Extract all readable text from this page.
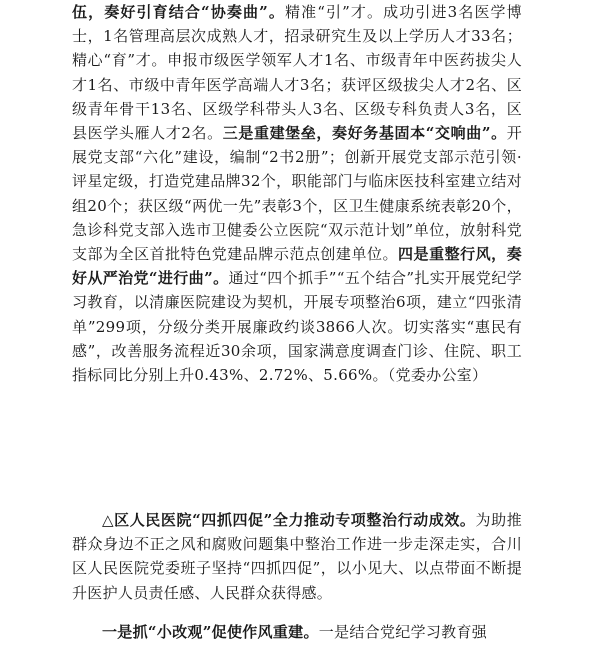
伍，奏好引育结合“协奏曲”。精准“引”才。成功引进3名医学博士，1名管理高层次成熟人才，招录研究生及以上学历人才33名；精心“育”才。申报市级医学领军人才1名、市级青年中医药拔尖人才1名、市级中青年医学高端人才3名；获评区级拔尖人才2名、区级青年骨干13名、区级学科带头人3名、区级专科负责人3名，区县医学头雁人才2名。三是重建堡垒，奏好务基固本“交响曲”。开展党支部“六化”建设，编制“2书2册”；创新开展党支部示范引领·评星定级，打造党建品牌32个，职能部门与临床医技科室建立结对组20个；获区级“两优一先”表彰3个，区卫生健康系统表彰20个，急诊科党支部入选市卫健委公立医院“双示范计划”单位，放射科党支部为全区首批特色党建品牌示范点创建单位。四是重整行风，奏好从严治党“进行曲”。通过“四个抓手”“五个结合”扎实开展党纪学习教育，以清廉医院建设为契机，开展专项整治6项，建立“四张清单”299项，分级分类开展廉政约谈3866人次。切实落实“惠民有感”，改善服务流程近30余项，国家满意度调查门诊、住院、职工指标同比分别上升0.43%、2.72%、5.66%。（党委办公室）

△区人民医院“四抓四促”全力推动专项整治行动成效。为助推群众身边不正之风和腐败问题集中整治工作进一步走深走实，合川区人民医院党委班子坚持“四抓四促”，以小见大、以点带面不断提升医护人员责任感、人民群众获得感。

一是抓“小改观”促使作风重建。一是结合党纪学习教育强
